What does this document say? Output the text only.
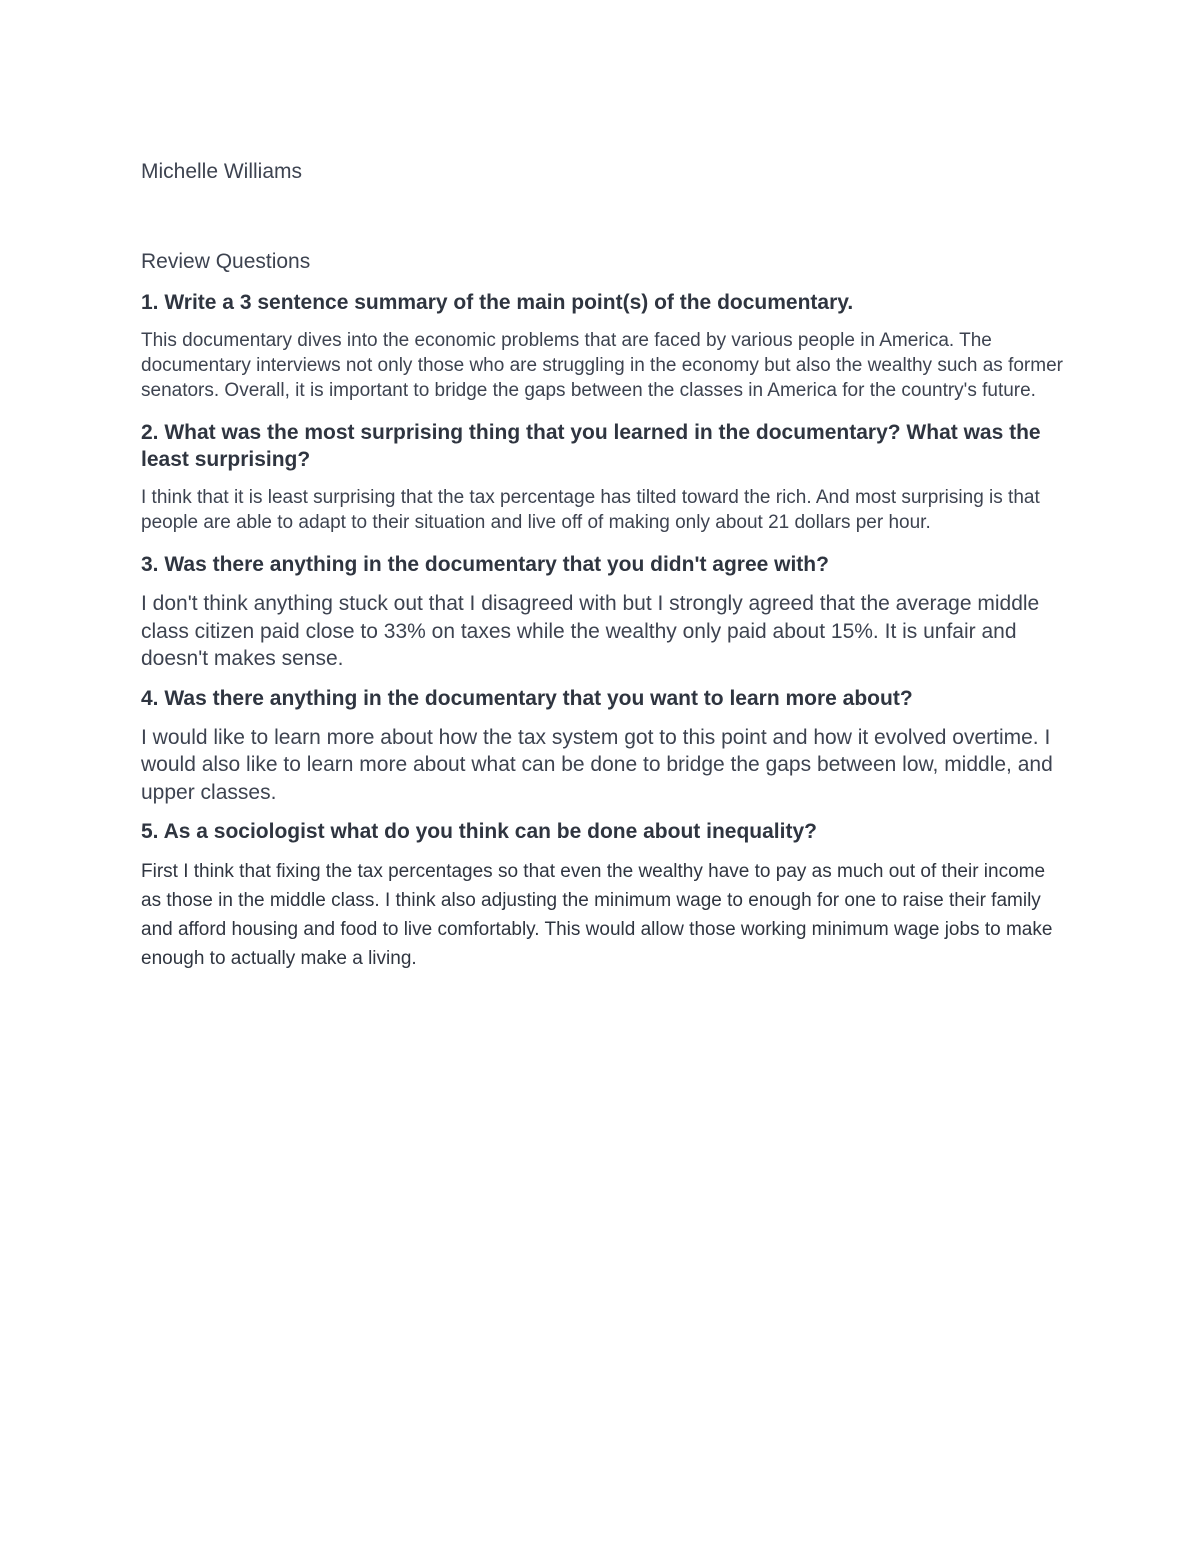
Michelle Williams

Review Questions

1. Write a 3 sentence summary of the main point(s) of the documentary.

This documentary dives into the economic problems that are faced by various people in America. The documentary interviews not only those who are struggling in the economy but also the wealthy such as former senators. Overall, it is important to bridge the gaps between the classes in America for the country's future.

2. What was the most surprising thing that you learned in the documentary? What was the least surprising?

I think that it is least surprising that the tax percentage has tilted toward the rich. And most surprising is that people are able to adapt to their situation and live off of making only about 21 dollars per hour.

3. Was there anything in the documentary that you didn't agree with?

I don't think anything stuck out that I disagreed with but I strongly agreed that the average middle class citizen paid close to 33% on taxes while the wealthy only paid about 15%. It is unfair and doesn't makes sense.

4. Was there anything in the documentary that you want to learn more about?

I would like to learn more about how the tax system got to this point and how it evolved overtime. I would also like to learn more about what can be done to bridge the gaps between low, middle, and upper classes.

5. As a sociologist what do you think can be done about inequality?

First I think that fixing the tax percentages so that even the wealthy have to pay as much out of their income as those in the middle class. I think also adjusting the minimum wage to enough for one to raise their family and afford housing and food to live comfortably. This would allow those working minimum wage jobs to make enough to actually make a living.
